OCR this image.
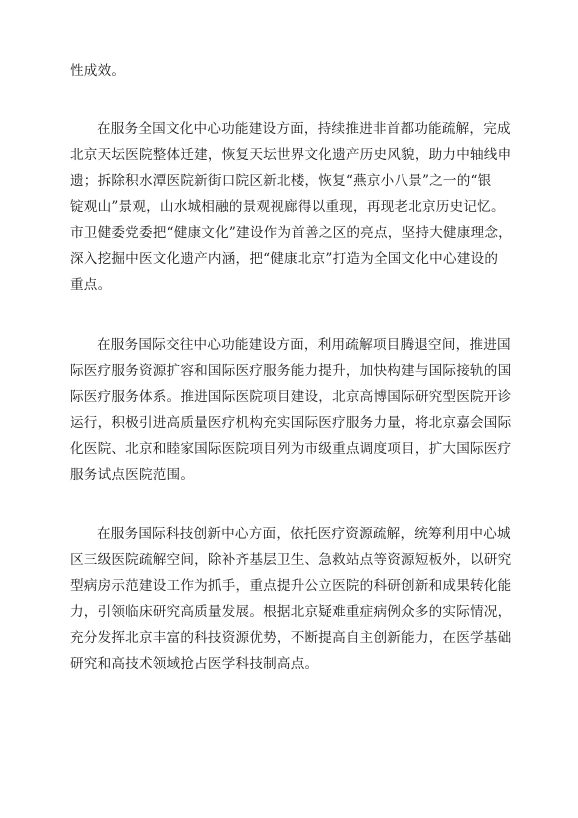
性成效。
在服务全国文化中心功能建设方面，持续推进非首都功能疏解，完成
北京天坛医院整体迁建，恢复天坛世界文化遗产历史风貌，助力中轴线申
遗；拆除积水潭医院新街口院区新北楼，恢复“燕京小八景”之一的“银
锭观山”景观，山水城相融的景观视廊得以重现，再现老北京历史记忆。
市卫健委党委把“健康文化”建设作为首善之区的亮点，坚持大健康理念，
深入挖掘中医文化遗产内涵，把“健康北京”打造为全国文化中心建设的
重点。
在服务国际交往中心功能建设方面，利用疏解项目腾退空间，推进国
际医疗服务资源扩容和国际医疗服务能力提升，加快构建与国际接轨的国
际医疗服务体系。推进国际医院项目建设，北京高博国际研究型医院开诊
运行，积极引进高质量医疗机构充实国际医疗服务力量，将北京嘉会国际
化医院、北京和睦家国际医院项目列为市级重点调度项目，扩大国际医疗
服务试点医院范围。
在服务国际科技创新中心方面，依托医疗资源疏解，统筹利用中心城
区三级医院疏解空间，除补齐基层卫生、急救站点等资源短板外，以研究
型病房示范建设工作为抓手，重点提升公立医院的科研创新和成果转化能
力，引领临床研究高质量发展。根据北京疑难重症病例众多的实际情况，
充分发挥北京丰富的科技资源优势，不断提高自主创新能力，在医学基础
研究和高技术领域抢占医学科技制高点。
